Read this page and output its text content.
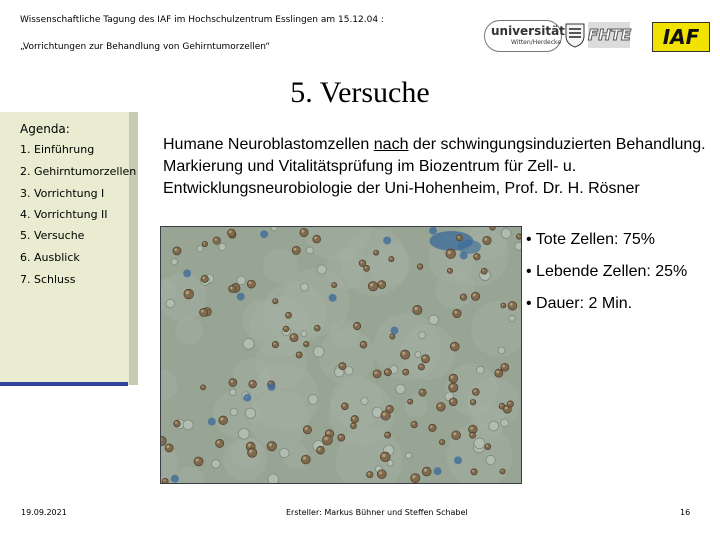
Wissenschaftliche Tagung des IAF im Hochschulzentrum Esslingen am 15.12.04 :
„Vorrichtungen zur Behandlung von Gehirntumorzellen“
universität
Witten/Herdecke FHTE IAF
5. Versuche
Agenda:
1. Einführung
2. Gehirntumorzellen
3. Vorrichtung I
4. Vorrichtung II
5. Versuche
6. Ausblick
7. Schluss
Humane Neuroblastomzellen nach der schwingungsinduzierten Behandlung. Markierung und Vitalitätsprüfung im Biozentrum für Zell- u. Entwicklungsneurobiologie der Uni-Hohenheim, Prof. Dr. H. Rösner
• Tote Zellen: 75%
• Lebende Zellen: 25%
• Dauer: 2 Min.
19.09.2021	Ersteller: Markus Bühner und Steffen Schabel	16
